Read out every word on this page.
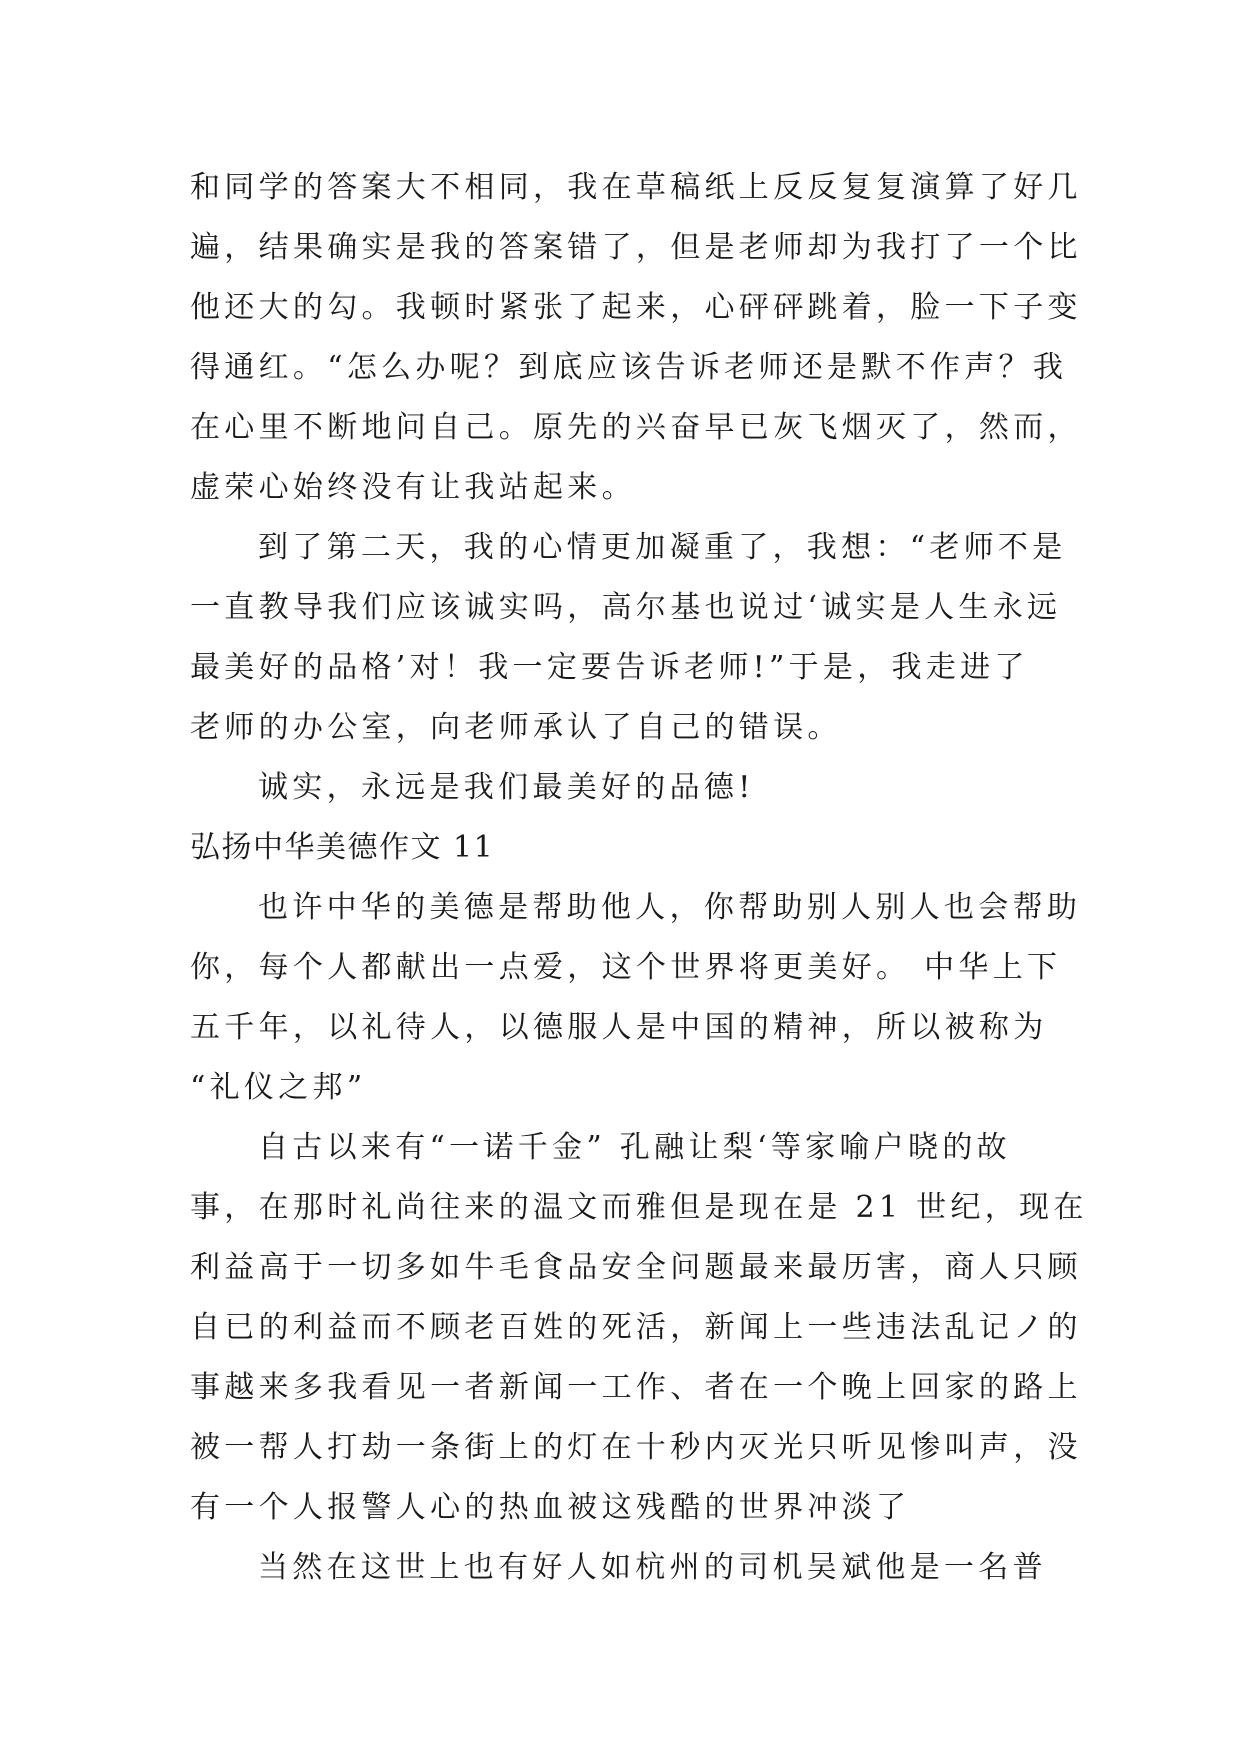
和同学的答案大不相同，我在草稿纸上反反复复演算了好几
遍，结果确实是我的答案错了，但是老师却为我打了一个比
他还大的勾。我顿时紧张了起来，心砰砰跳着，脸一下子变
得通红。“怎么办呢？到底应该告诉老师还是默不作声？我
在心里不断地问自己。原先的兴奋早已灰飞烟灭了，然而，
虚荣心始终没有让我站起来。
到了第二天，我的心情更加凝重了，我想：“老师不是
一直教导我们应该诚实吗，高尔基也说过‘诚实是人生永远
最美好的品格’对！我一定要告诉老师!”于是，我走进了
老师的办公室，向老师承认了自己的错误。
诚实，永远是我们最美好的品德!
弘扬中华美德作文 11
也许中华的美德是帮助他人，你帮助别人别人也会帮助
你，每个人都献出一点爱，这个世界将更美好。 中华上下
五千年，以礼待人，以德服人是中国的精神，所以被称为
“礼仪之邦”
自古以来有“一诺千金” 孔融让梨‘等家喻户晓的故
事，在那时礼尚往来的温文而雅但是现在是 21 世纪，现在
利益高于一切多如牛毛食品安全问题最来最历害，商人只顾
自已的利益而不顾老百姓的死活，新闻上一些违法乱记ノ的
事越来多我看见一者新闻一工作、者在一个晚上回家的路上
被一帮人打劫一条街上的灯在十秒内灭光只听见惨叫声，没
有一个人报警人心的热血被这残酷的世界冲淡了
当然在这世上也有好人如杭州的司机吴斌他是一名普
